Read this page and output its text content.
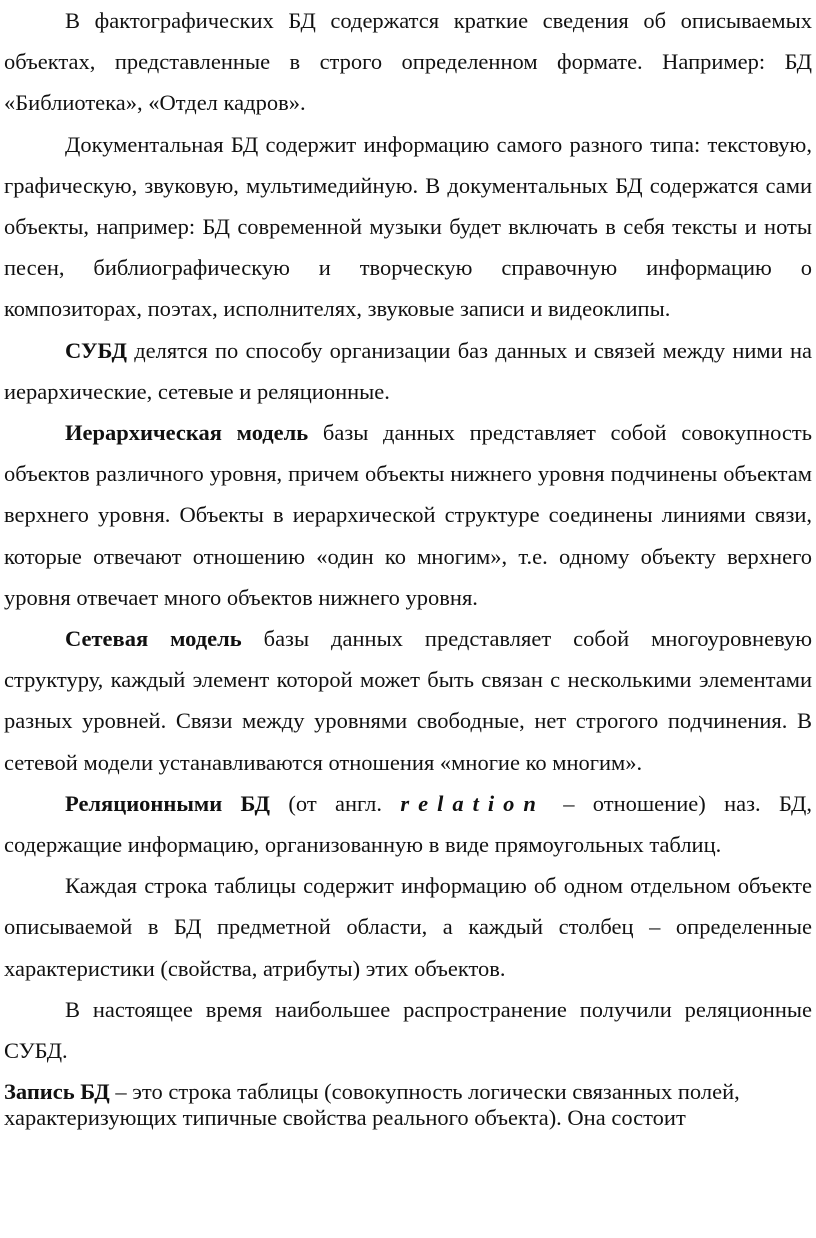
В фактографических БД содержатся краткие сведения об описываемых объектах, представленные в строго определенном формате. Например: БД «Библиотека», «Отдел кадров».

Документальная БД содержит информацию самого разного типа: текстовую, графическую, звуковую, мультимедийную. В документальных БД содержатся сами объекты, например: БД современной музыки будет включать в себя тексты и ноты песен, библиографическую и творческую справочную информацию о композиторах, поэтах, исполнителях, звуковые записи и видеоклипы.

СУБД делятся по способу организации баз данных и связей между ними на иерархические, сетевые и реляционные.

Иерархическая модель базы данных представляет собой совокупность объектов различного уровня, причем объекты нижнего уровня подчинены объектам верхнего уровня. Объекты в иерархической структуре соединены линиями связи, которые отвечают отношению «один ко многим», т.е. одному объекту верхнего уровня отвечает много объектов нижнего уровня.

Сетевая модель базы данных представляет собой многоуровневую структуру, каждый элемент которой может быть связан с несколькими элементами разных уровней. Связи между уровнями свободные, нет строгого подчинения. В сетевой модели устанавливаются отношения «многие ко многим».

Реляционными БД (от англ. relation – отношение) наз. БД, содержащие информацию, организованную в виде прямоугольных таблиц.

Каждая строка таблицы содержит информацию об одном отдельном объекте описываемой в БД предметной области, а каждый столбец – определенные характеристики (свойства, атрибуты) этих объектов.

В настоящее время наибольшее распространение получили реляционные СУБД.

Запись БД – это строка таблицы (совокупность логически связанных полей, характеризующих типичные свойства реального объекта). Она состоит
